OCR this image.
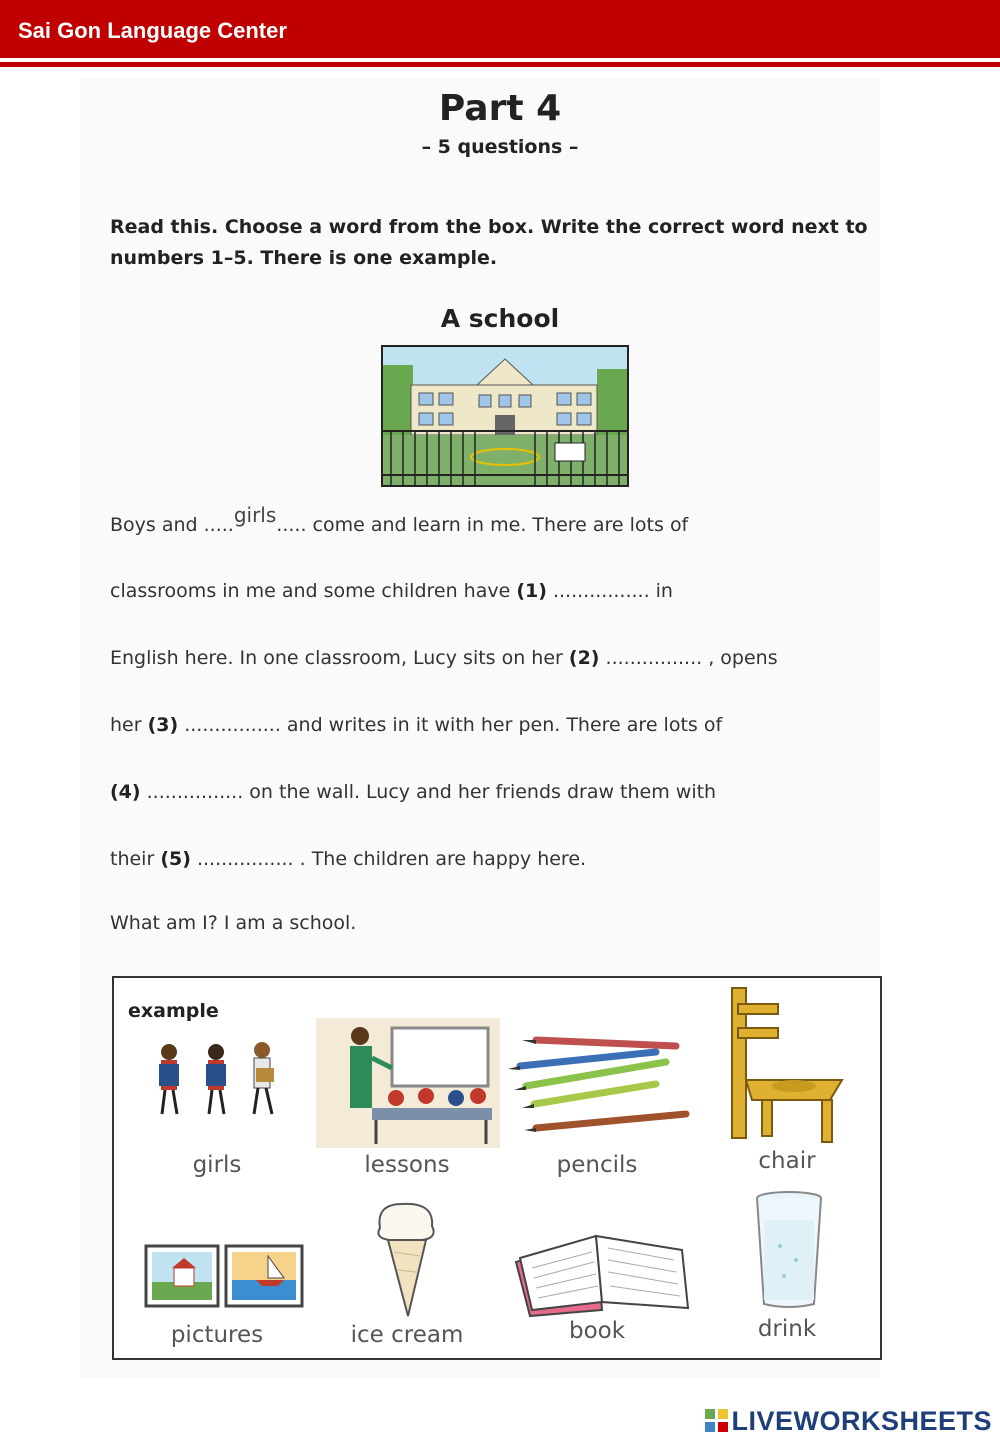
Sai Gon Language Center
Part 4
– 5 questions –
Read this. Choose a word from the box. Write the correct word next to numbers 1–5. There is one example.
A school
Boys and .....girls..... come and learn in me. There are lots of
classrooms in me and some children have (1) ................ in
English here. In one classroom, Lucy sits on her (2) ................ , opens
her (3) ................ and writes in it with her pen. There are lots of
(4) ................ on the wall. Lucy and her friends draw them with
their (5) ................ . The children are happy here.
What am I? I am a school.
example
girls	lessons	pencils	chair
pictures	ice cream	book	drink
LIVEWORKSHEETS
